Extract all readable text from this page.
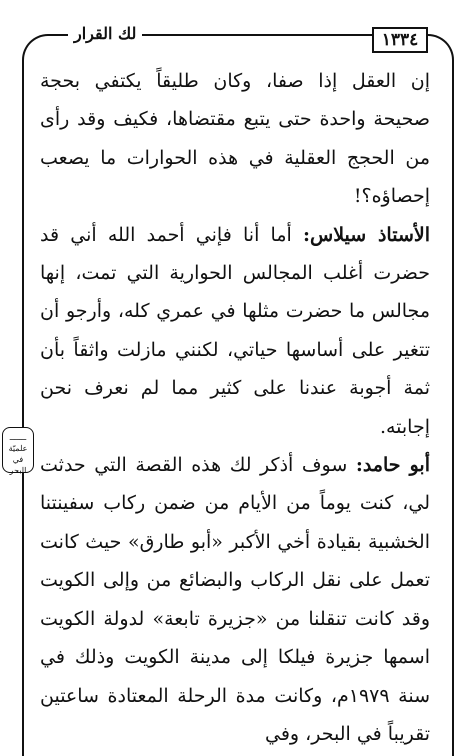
لك القرار	١٣٣٤
ـــــــ
علميّة في
البحر

إن العقل إذا صفا، وكان طليقاً يكتفي بحجة صحيحة واحدة حتى يتبع مقتضاها، فكيف وقد رأى من الحجج العقلية في هذه الحوارات ما يصعب إحصاؤه؟!

الأستاذ سيلاس: أما أنا فإني أحمد الله أني قد حضرت أغلب المجالس الحوارية التي تمت، إنها مجالس ما حضرت مثلها في عمري كله، وأرجو أن تتغير على أساسها حياتي، لكنني مازلت واثقاً بأن ثمة أجوبة عندنا على كثير مما لم نعرف نحن إجابته.

أبو حامد: سوف أذكر لك هذه القصة التي حدثت لي، كنت يوماً من الأيام من ضمن ركاب سفينتنا الخشبية بقيادة أخي الأكبر «أبو طارق» حيث كانت تعمل على نقل الركاب والبضائع من وإلى الكويت وقد كانت تنقلنا من «جزيرة تابعة» لدولة الكويت اسمها جزيرة فيلكا إلى مدينة الكويت وذلك في سنة ١٩٧٩م، وكانت مدة الرحلة المعتادة ساعتين تقريباً في البحر، وفي
